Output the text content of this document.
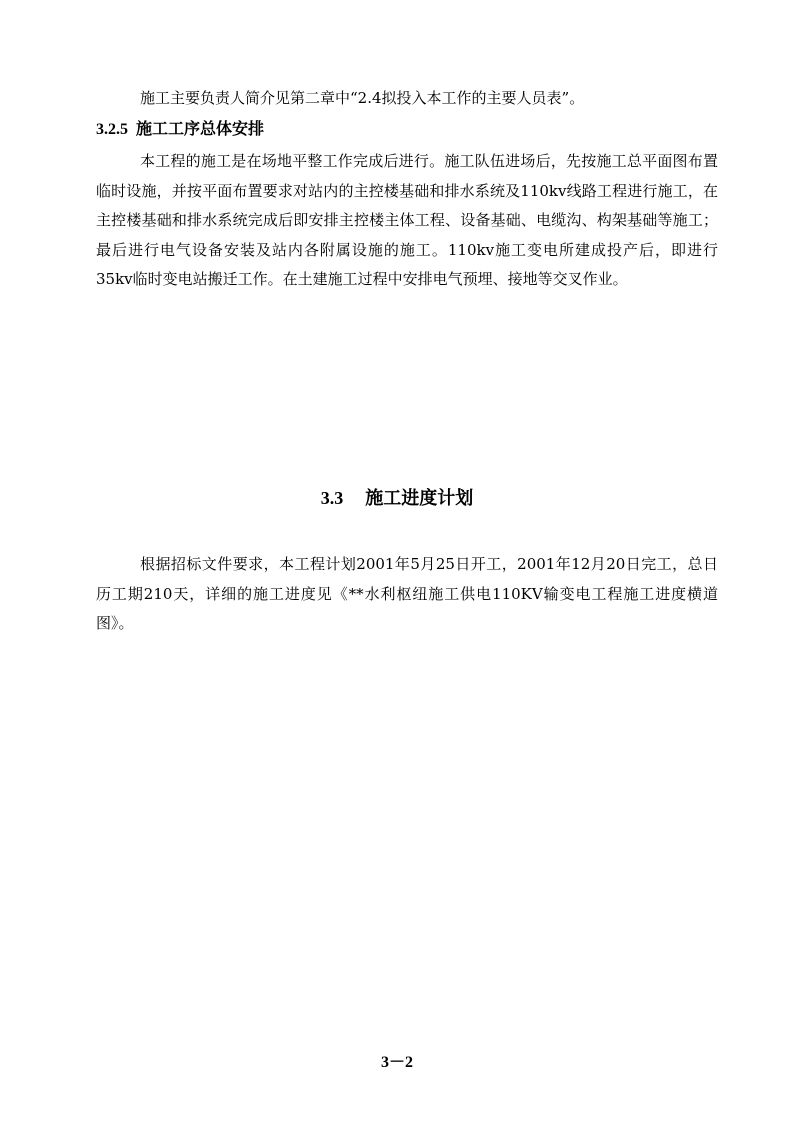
施工主要负责人简介见第二章中“2.4拟投入本工作的主要人员表”。

3.2.5 施工工序总体安排

本工程的施工是在场地平整工作完成后进行。施工队伍进场后，先按施工总平面图布置临时设施，并按平面布置要求对站内的主控楼基础和排水系统及110kv线路工程进行施工，在主控楼基础和排水系统完成后即安排主控楼主体工程、设备基础、电缆沟、构架基础等施工；最后进行电气设备安装及站内各附属设施的施工。110kv施工变电所建成投产后，即进行35kv临时变电站搬迁工作。在土建施工过程中安排电气预埋、接地等交叉作业。

3.3 施工进度计划

根据招标文件要求，本工程计划2001年5月25日开工，2001年12月20日完工，总日历工期210天，详细的施工进度见《**水利枢纽施工供电110KV输变电工程施工进度横道图》。

3－2
